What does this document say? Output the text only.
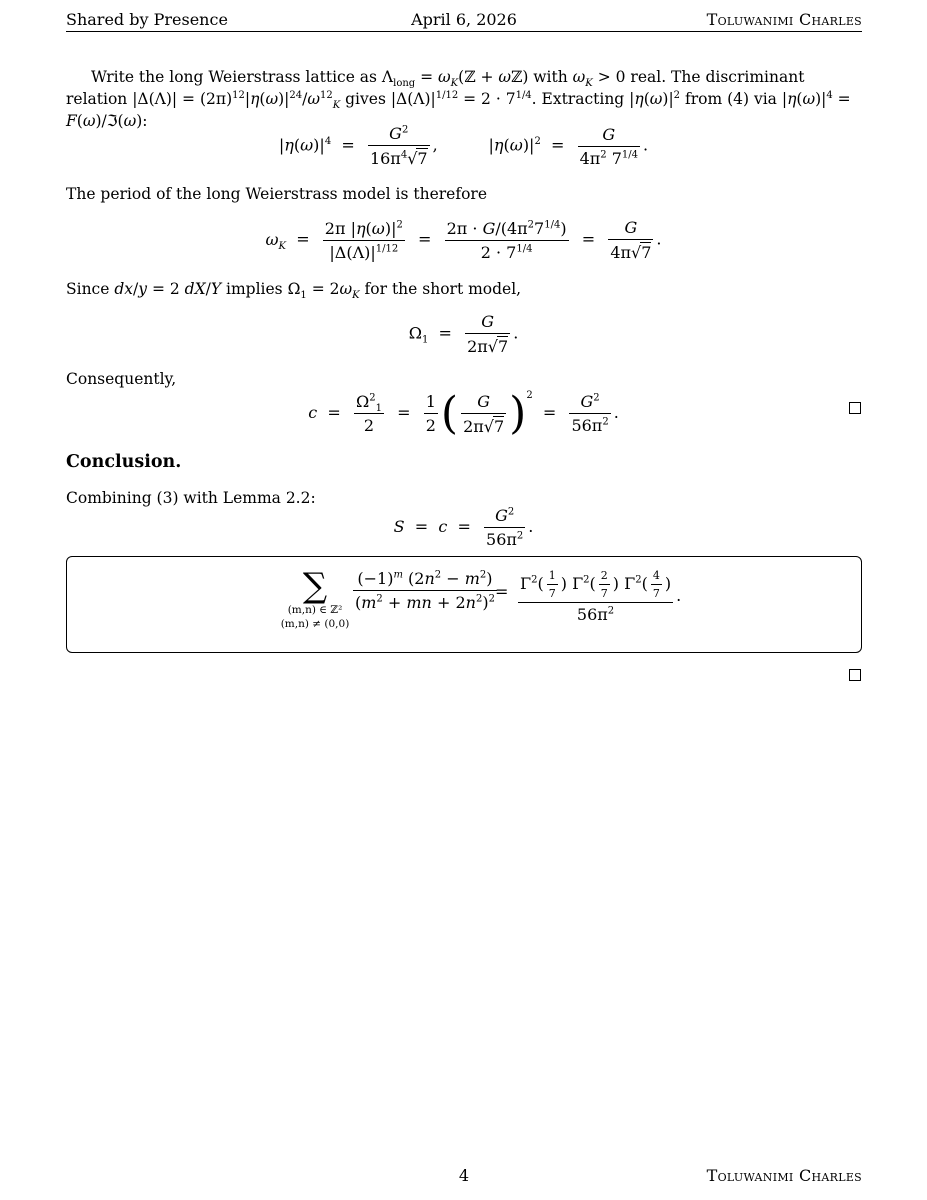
Shared by Presence	April 6, 2026	Toluwanimi Charles
Write the long Weierstrass lattice as $\Lambda_{long}$ = $\omega_K(ℤ$ + ωℤ) with $\omega_K > 0$ real. The discriminant relation $|\Delta(\Lambda)| = (2\pi)^{12}|\eta(\omega)|^{24}/\omega^{12}_K$ gives $|\Delta(\Lambda)|^{1/12} = 2 \cdot 7^{1/4}$. Extracting $|\eta(\omega)|^2$ from (4) via $|\eta(\omega)|^4$ = F(ω)/ℑ(ω):
$|\eta(\omega)|^4 = \frac{G^2}{16\pi^4√7}$ ,          $|\eta(\omega)|^2 = \frac{G}{4\pi^2 7^{1/4}}$ .
The period of the long Weierstrass model is therefore
$\omega_K = \frac{2\pi |\eta(\omega)|^2}{|\Delta(\Lambda)|^{1/12}} = \frac{2\pi \cdot G/(4\pi^27^{1/4})}{2 \cdot 7^{1/4}} = \frac{G}{4\pi√7}$ .
Since dx/y = 2 dX/Y implies $\Omega_1 = 2\omega_K$ for the short model,
$\Omega_1 = \frac{G}{2\pi√7}$ .
Consequently,
$c = \frac{\Omega^2_1}{2} = \frac{1}{2}$ ( $\frac{G}{2\pi√7} )^2 = \frac{G^2}{56\pi^2}$ .
Conclusion.
Combining (3) with Lemma 2.2:
$S = c = \frac{G^2}{56\pi^2}$ .
∑
(m,n) ∈ ℤ²
(m,n) ≠ (0,0)
$\frac{(-1)^m (2n^2 - m^2)}{(m^2 + mn + 2n^2)^2}$
= $\frac{\Gamma^2( \frac{1}{7} ) \Gamma^2( \frac{2}{7} ) \Gamma^2( \frac{4}{7} )}{56\pi^2}$ .
4	Toluwanimi Charles
